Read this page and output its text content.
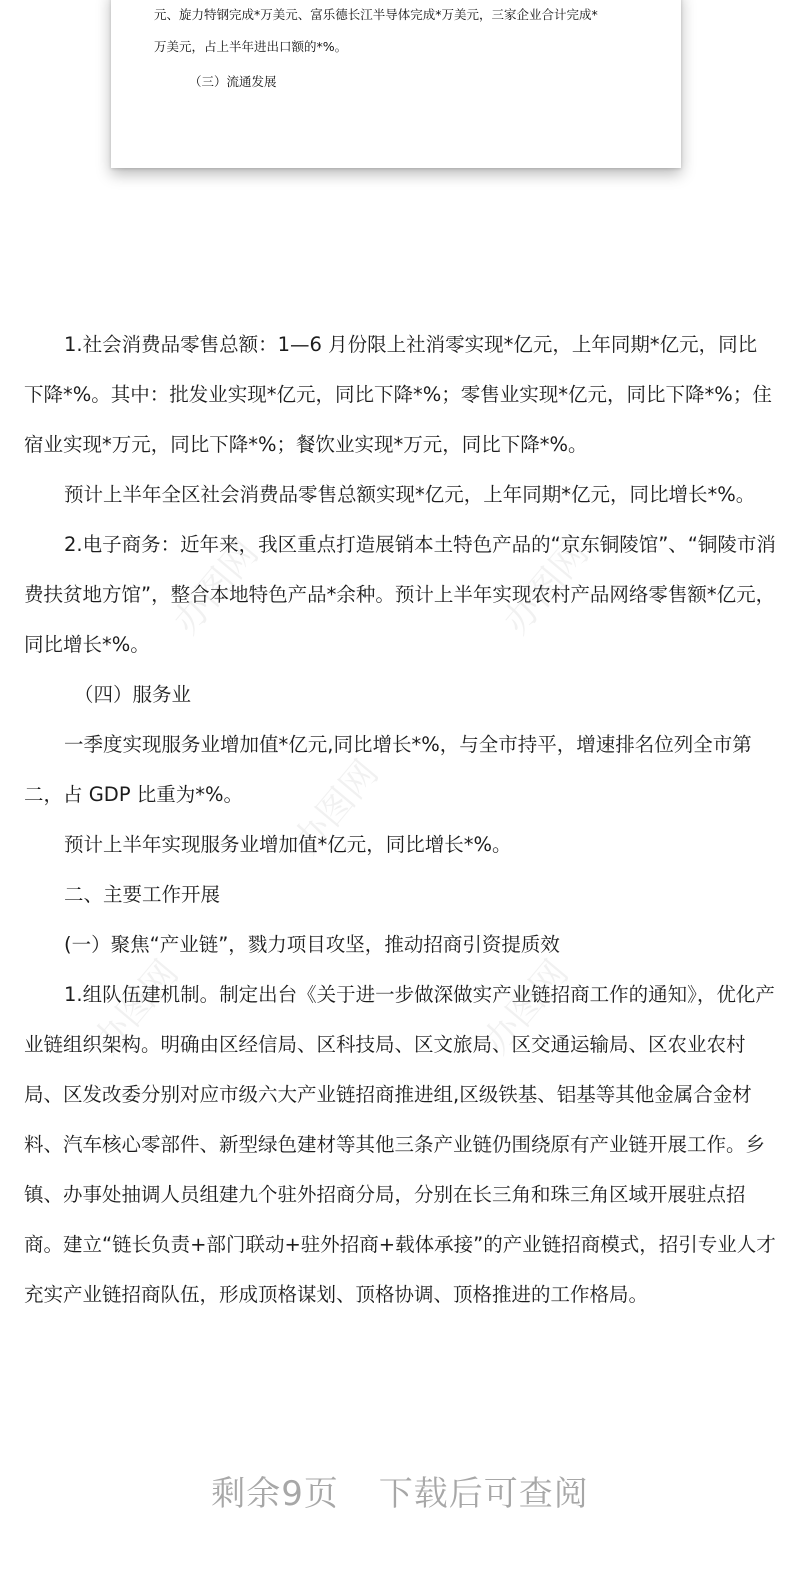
元、旋力特钢完成*万美元、富乐德长江半导体完成*万美元，三家企业合计完成*
万美元，占上半年进出口额的*%。
（三）流通发展
办图网	办图网
办图网
办图网	办图网

1.社会消费品零售总额：1—6 月份限上社消零实现*亿元，上年同期*亿元，同比下降*%。其中：批发业实现*亿元，同比下降*%；零售业实现*亿元，同比下降*%；住宿业实现*万元，同比下降*%；餐饮业实现*万元，同比下降*%。

预计上半年全区社会消费品零售总额实现*亿元，上年同期*亿元，同比增长*%。

2.电子商务：近年来，我区重点打造展销本土特色产品的“京东铜陵馆”、“铜陵市消费扶贫地方馆”，整合本地特色产品*余种。预计上半年实现农村产品网络零售额*亿元，同比增长*%。

（四）服务业

一季度实现服务业增加值*亿元,同比增长*%，与全市持平，增速排名位列全市第二，占 GDP 比重为*%。

预计上半年实现服务业增加值*亿元，同比增长*%。

二、主要工作开展

(一）聚焦“产业链”，戮力项目攻坚，推动招商引资提质效

1.组队伍建机制。制定出台《关于进一步做深做实产业链招商工作的通知》，优化产业链组织架构。明确由区经信局、区科技局、区文旅局、区交通运输局、区农业农村局、区发改委分别对应市级六大产业链招商推进组,区级铁基、铝基等其他金属合金材料、汽车核心零部件、新型绿色建材等其他三条产业链仍围绕原有产业链开展工作。乡镇、办事处抽调人员组建九个驻外招商分局，分别在长三角和珠三角区域开展驻点招商。建立“链长负责+部门联动+驻外招商+载体承接”的产业链招商模式，招引专业人才充实产业链招商队伍，形成顶格谋划、顶格协调、顶格推进的工作格局。

剩余9页 下载后可查阅
